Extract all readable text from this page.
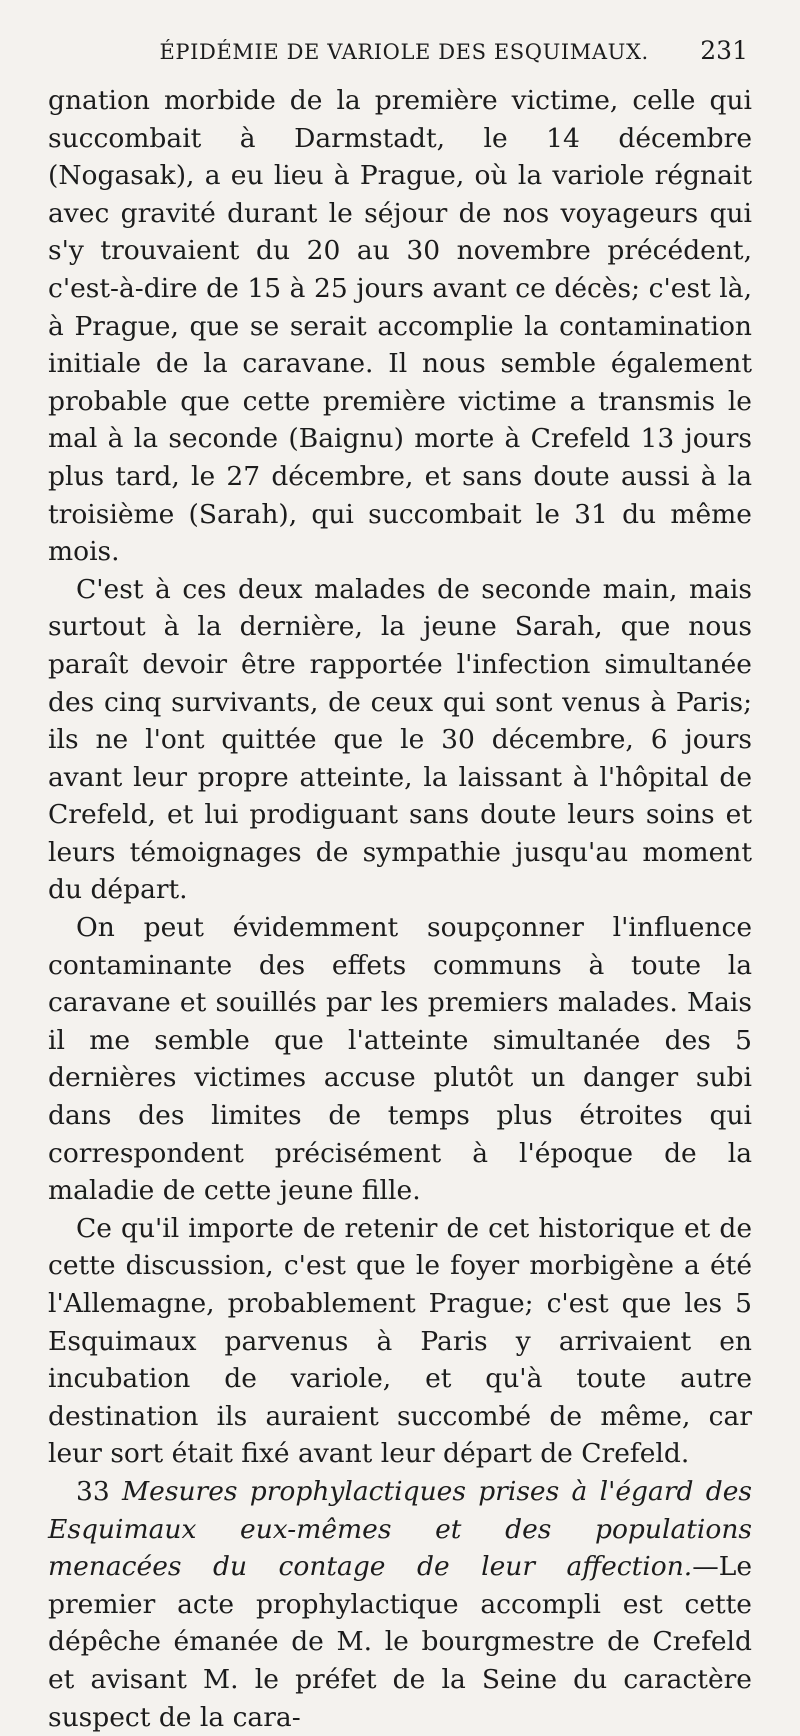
ÉPIDÉMIE DE VARIOLE DES ESQUIMAUX.	231

gnation morbide de la première victime, celle qui succombait à Darmstadt, le 14 décembre (Nogasak), a eu lieu à Prague, où la variole régnait avec gravité durant le séjour de nos voyageurs qui s'y trouvaient du 20 au 30 novembre précédent, c'est-à-dire de 15 à 25 jours avant ce décès; c'est là, à Prague, que se serait accomplie la contamination initiale de la caravane. Il nous semble également probable que cette première victime a transmis le mal à la seconde (Baignu) morte à Crefeld 13 jours plus tard, le 27 décembre, et sans doute aussi à la troisième (Sarah), qui succombait le 31 du même mois.

C'est à ces deux malades de seconde main, mais surtout à la dernière, la jeune Sarah, que nous paraît devoir être rapportée l'infection simultanée des cinq survivants, de ceux qui sont venus à Paris; ils ne l'ont quittée que le 30 décembre, 6 jours avant leur propre atteinte, la laissant à l'hôpital de Crefeld, et lui prodiguant sans doute leurs soins et leurs témoignages de sympathie jusqu'au moment du départ.

On peut évidemment soupçonner l'influence contaminante des effets communs à toute la caravane et souillés par les premiers malades. Mais il me semble que l'atteinte simultanée des 5 dernières victimes accuse plutôt un danger subi dans des limites de temps plus étroites qui correspondent précisément à l'époque de la maladie de cette jeune fille.

Ce qu'il importe de retenir de cet historique et de cette discussion, c'est que le foyer morbigène a été l'Allemagne, probablement Prague; c'est que les 5 Esquimaux parvenus à Paris y arrivaient en incubation de variole, et qu'à toute autre destination ils auraient succombé de même, car leur sort était fixé avant leur départ de Crefeld.

33 Mesures prophylactiques prises à l'égard des Esquimaux eux-mêmes et des populations menacées du contage de leur affection.—Le premier acte prophylactique accompli est cette dépêche émanée de M. le bourgmestre de Crefeld et avisant M. le préfet de la Seine du caractère suspect de la cara-
